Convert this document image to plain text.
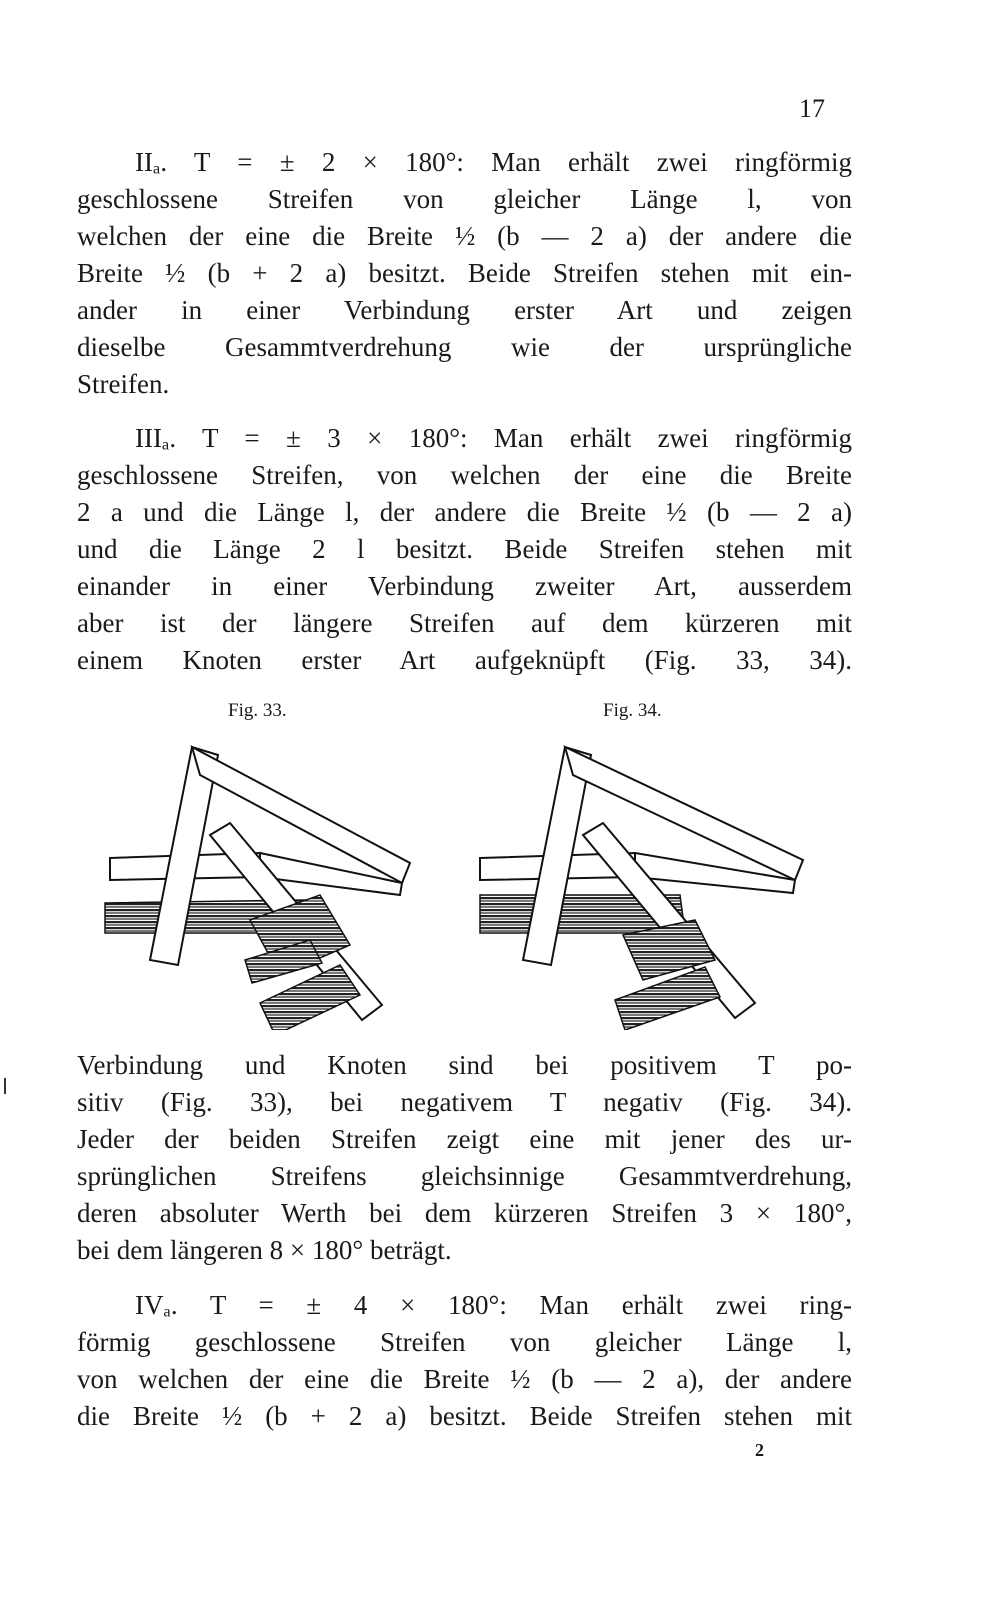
17
IIₐ. T = ± 2 × 180°: Man erhält zwei ringförmig
geschlossene Streifen von gleicher Länge l, von
welchen der eine die Breite ½ (b — 2 a) der andere die
Breite ½ (b + 2 a) besitzt. Beide Streifen stehen mit ein-
ander in einer Verbindung erster Art und zeigen
dieselbe Gesammtverdrehung wie der ursprüngliche
Streifen.
IIIₐ. T = ± 3 × 180°: Man erhält zwei ringförmig
geschlossene Streifen, von welchen der eine die Breite
2 a und die Länge l, der andere die Breite ½ (b — 2 a)
und die Länge 2 l besitzt. Beide Streifen stehen mit
einander in einer Verbindung zweiter Art, ausserdem
aber ist der längere Streifen auf dem kürzeren mit
einem Knoten erster Art aufgeknüpft (Fig. 33, 34).
Fig. 33.	Fig. 34.
Verbindung und Knoten sind bei positivem T po-
sitiv (Fig. 33), bei negativem T negativ (Fig. 34).
Jeder der beiden Streifen zeigt eine mit jener des ur-
sprünglichen Streifens gleichsinnige Gesammtverdrehung,
deren absoluter Werth bei dem kürzeren Streifen 3 × 180°,
bei dem längeren 8 × 180° beträgt.
IVₐ. T = ± 4 × 180°: Man erhält zwei ring-
förmig geschlossene Streifen von gleicher Länge l,
von welchen der eine die Breite ½ (b — 2 a), der andere
die Breite ½ (b + 2 a) besitzt. Beide Streifen stehen mit
2
